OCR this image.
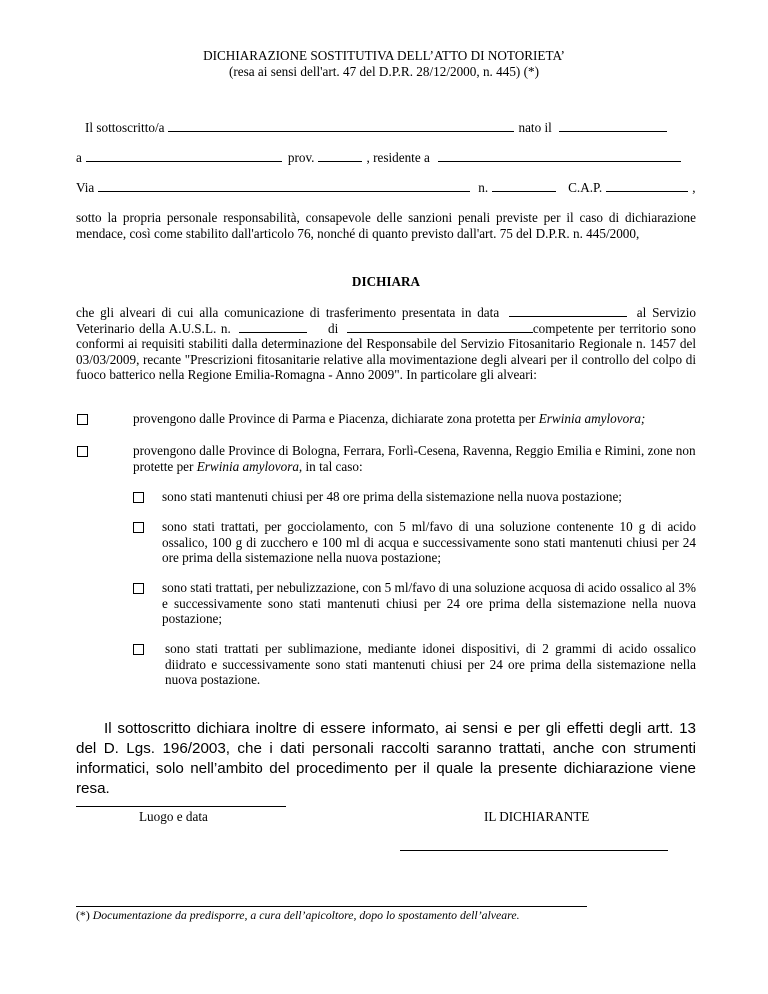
DICHIARAZIONE SOSTITUTIVA DELL’ATTO DI NOTORIETA’
(resa ai sensi dell'art. 47 del D.P.R. 28/12/2000, n. 445) (*)
Il sottoscritto/a	nato il
a	prov.	, residente a
Via	n.	C.A.P.	,
sotto la propria personale responsabilità, consapevole delle sanzioni penali previste per il caso di dichiarazione mendace, così come stabilito dall'articolo 76, nonché di quanto previsto dall'art. 75 del D.P.R. n. 445/2000,
DICHIARA
che gli alveari di cui alla comunicazione di trasferimento presentata in data	al Servizio Veterinario della A.U.S.L. n.	di	competente per territorio sono conformi ai requisiti stabiliti dalla determinazione del Responsabile del Servizio Fitosanitario Regionale n. 1457 del 03/03/2009, recante "Prescrizioni fitosanitarie relative alla movimentazione degli alveari per il controllo del colpo di fuoco batterico nella Regione Emilia-Romagna - Anno 2009". In particolare gli alveari:
provengono dalle Province di Parma e Piacenza, dichiarate zona protetta per Erwinia amylovora;
provengono dalle Province di Bologna, Ferrara, Forlì-Cesena, Ravenna, Reggio Emilia e Rimini, zone non protette per Erwinia amylovora, in tal caso:
sono stati mantenuti chiusi per 48 ore prima della sistemazione nella nuova postazione;
sono stati trattati, per gocciolamento, con 5 ml/favo di una soluzione contenente 10 g di acido ossalico, 100 g di zucchero e 100 ml di acqua e successivamente sono stati mantenuti chiusi per 24 ore prima della sistemazione nella nuova postazione;
sono stati trattati, per nebulizzazione, con 5 ml/favo di una soluzione acquosa di acido ossalico al 3% e successivamente sono stati mantenuti chiusi per 24 ore prima della sistemazione nella nuova postazione;
sono stati trattati per sublimazione, mediante idonei dispositivi, di 2 grammi di acido ossalico diidrato e successivamente sono stati mantenuti chiusi per 24 ore prima della sistemazione nella nuova postazione.
Il sottoscritto dichiara inoltre di essere informato, ai sensi e per gli effetti degli artt. 13 del D. Lgs. 196/2003, che i dati personali raccolti saranno trattati, anche con strumenti informatici, solo nell’ambito del procedimento per il quale la presente dichiarazione viene resa.
Luogo e data	IL DICHIARANTE
(*) Documentazione da predisporre, a cura dell’apicoltore, dopo lo spostamento dell’alveare.
